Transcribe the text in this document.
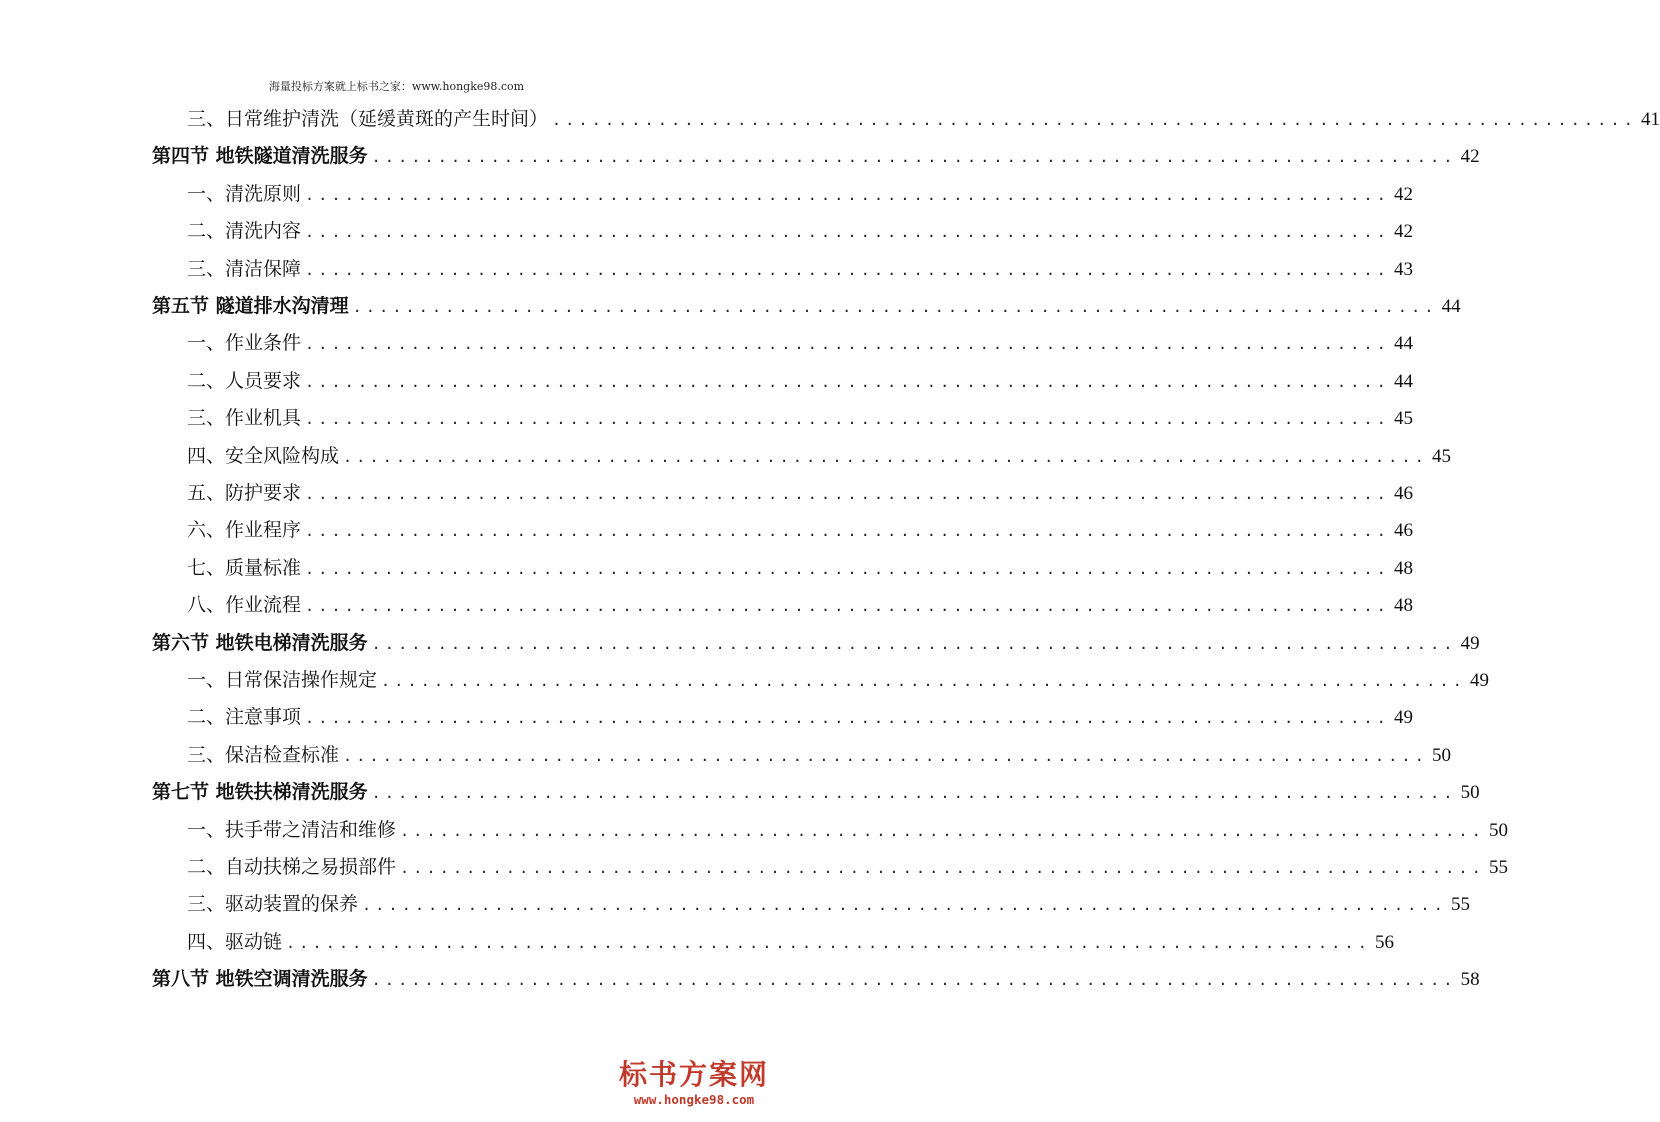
海量投标方案就上标书之家：www.hongke98.com
三、日常维护清洗（延缓黄斑的产生时间） .................................................................................. 41
第四节 地铁隧道清洗服务 .................................................................................. 42
一、清洗原则 .................................................................................. 42
二、清洗内容 .................................................................................. 42
三、清洁保障 .................................................................................. 43
第五节 隧道排水沟清理 .................................................................................. 44
一、作业条件 .................................................................................. 44
二、人员要求 .................................................................................. 44
三、作业机具 .................................................................................. 45
四、安全风险构成 .................................................................................. 45
五、防护要求 .................................................................................. 46
六、作业程序 .................................................................................. 46
七、质量标准 .................................................................................. 48
八、作业流程 .................................................................................. 48
第六节 地铁电梯清洗服务 .................................................................................. 49
一、日常保洁操作规定 .................................................................................. 49
二、注意事项 .................................................................................. 49
三、保洁检查标准 .................................................................................. 50
第七节 地铁扶梯清洗服务 .................................................................................. 50
一、扶手带之清洁和维修 .................................................................................. 50
二、自动扶梯之易损部件 .................................................................................. 55
三、驱动装置的保养 .................................................................................. 55
四、驱动链 .................................................................................. 56
第八节 地铁空调清洗服务 .................................................................................. 58
标书方案网
www.hongke98.com
